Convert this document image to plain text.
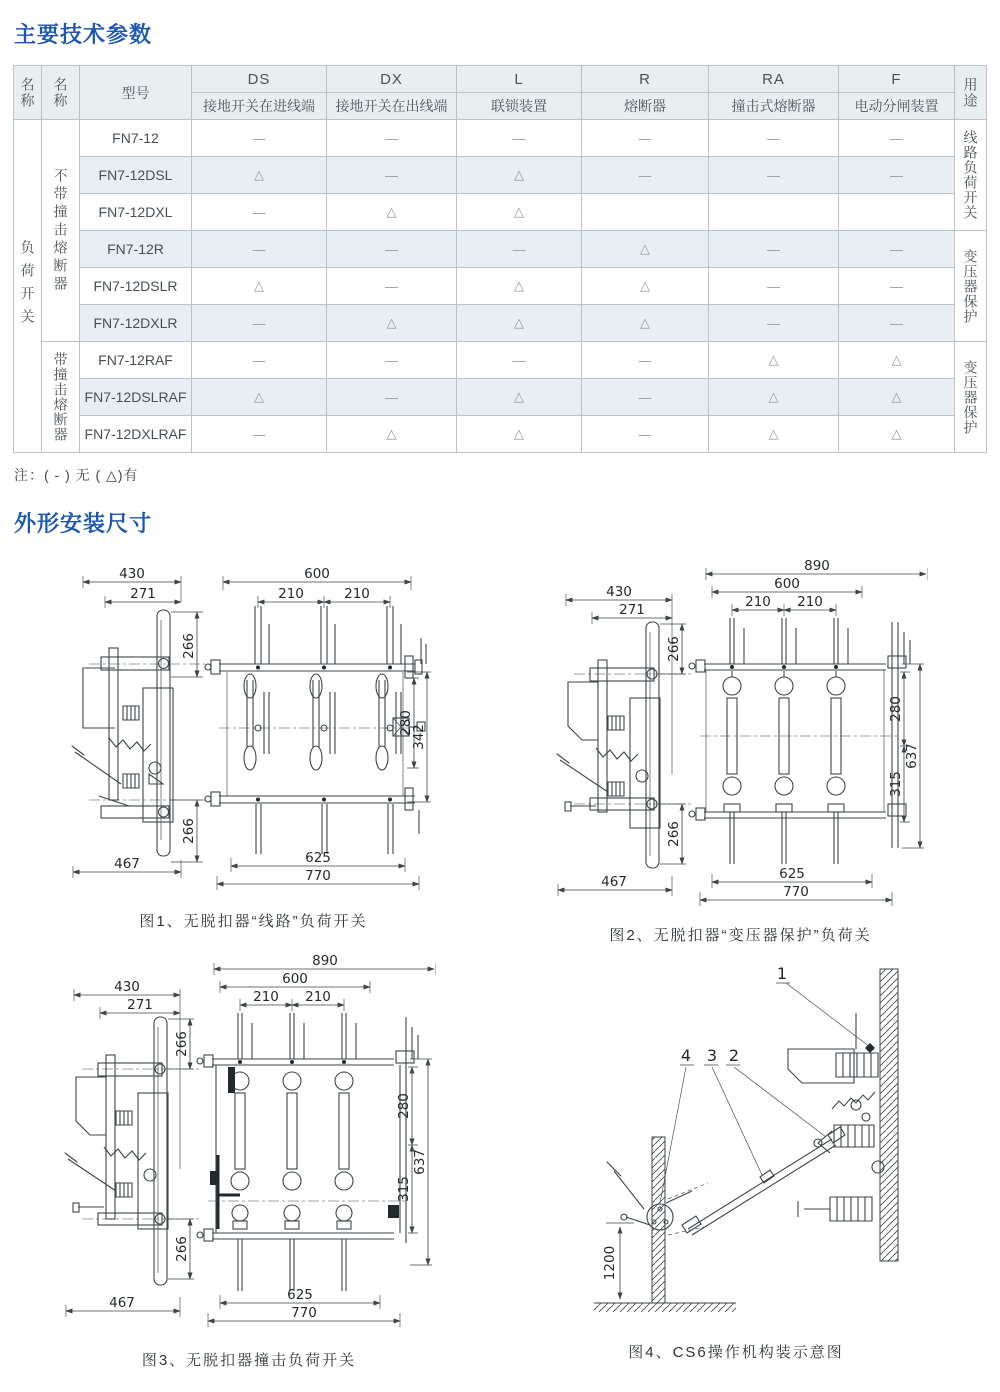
主要技术参数
名称	名称	型号	DS	DX	L	R	RA	F	用途
			接地开关在进线端	接地开关在出线端	联锁装置	熔断器	撞击式熔断器	电动分闸装置	
负荷开关	不带撞击熔断器	FN7-12	—	—	—	—	—	—	线路负荷开关
		FN7-12DSL	△	—	△	—	—	—	
		FN7-12DXL	—	△	△				
		FN7-12R	—	—	—	△	—	—	变压器保护
		FN7-12DSLR	△	—	△	△	—	—	
		FN7-12DXLR	—	△	△	△	—	—	
	带撞击熔断器	FN7-12RAF	—	—	—	—	△	△	变压器保护
		FN7-12DSLRAF	△	—	△	—	△	△	
		FN7-12DXLRAF	—	△	△	—	△	△	

注：( - ) 无 ( △)有

外形安装尺寸
430
271
266
266
467
600
210	210
280
342
625
770
图1、无脱扣器“线路”负荷开关
890
600
210 210
430
271
266
266
467
280
315
637
625
770
图2、无脱扣器“变压器保护”负荷关
890
600
210 210
430
271
266
266
467
280
315
637
625
770
图3、无脱扣器撞击负荷开关
1
4 3 2
1200
图4、CS6操作机构装示意图
